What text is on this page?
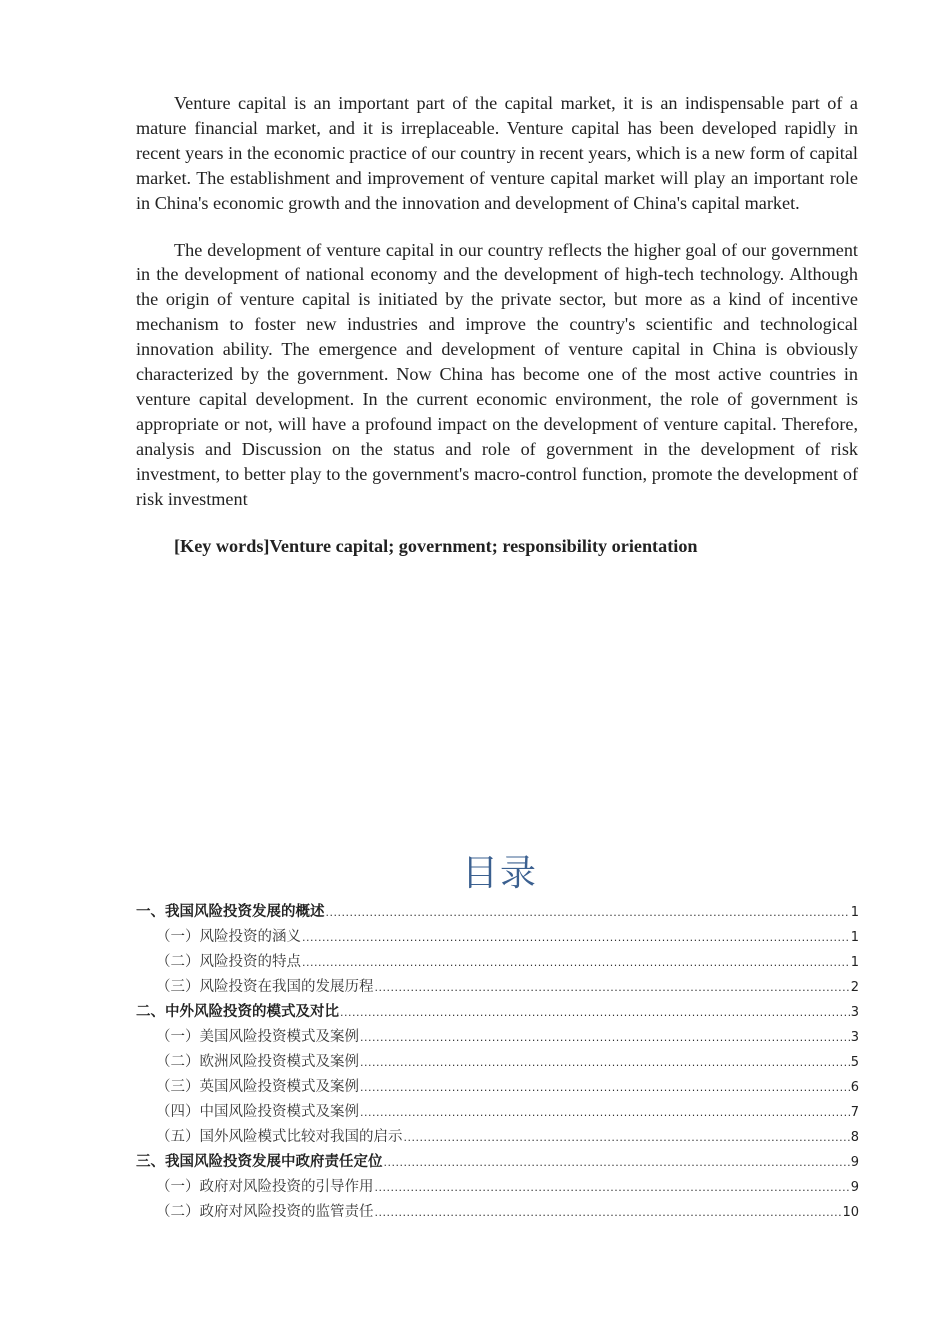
Venture capital is an important part of the capital market, it is an indispensable part of a mature financial market, and it is irreplaceable. Venture capital has been developed rapidly in recent years in the economic practice of our country in recent years, which is a new form of capital market. The establishment and improvement of venture capital market will play an important role in China's economic growth and the innovation and development of China's capital market.

The development of venture capital in our country reflects the higher goal of our government in the development of national economy and the development of high-tech technology. Although the origin of venture capital is initiated by the private sector, but more as a kind of incentive mechanism to foster new industries and improve the country's scientific and technological innovation ability. The emergence and development of venture capital in China is obviously characterized by the government. Now China has become one of the most active countries in venture capital development. In the current economic environment, the role of government is appropriate or not, will have a profound impact on the development of venture capital. Therefore, analysis and Discussion on the status and role of government in the development of risk investment, to better play to the government's macro-control function, promote the development of risk investment

[Key words]Venture capital; government; responsibility orientation

目录
一、我国风险投资发展的概述 .....	1
（一）风险投资的涵义 .....	1
（二）风险投资的特点 .....	1
（三）风险投资在我国的发展历程 .....	2
二、中外风险投资的模式及对比 .....	3
（一）美国风险投资模式及案例 .....	3
（二）欧洲风险投资模式及案例 .....	5
（三）英国风险投资模式及案例 .....	6
（四）中国风险投资模式及案例 .....	7
（五）国外风险模式比较对我国的启示 .....	8
三、我国风险投资发展中政府责任定位 .....	9
（一）政府对风险投资的引导作用 .....	9
（二）政府对风险投资的监管责任 .....	10
